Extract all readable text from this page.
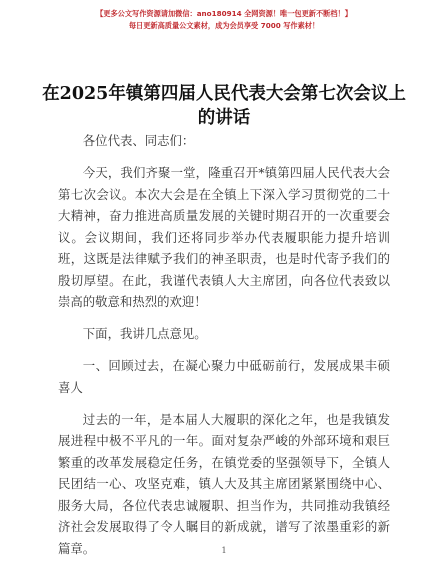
【更多公文写作资源请加微信：ano180914 全网资源！唯一包更新不断档！】
每日更新高质量公文素材，成为会员享受 7000 写作素材！
在2025年镇第四届人民代表大会第七次会议上的讲话

各位代表、同志们：

今天，我们齐聚一堂，隆重召开*镇第四届人民代表大会第七次会议。本次大会是在全镇上下深入学习贯彻党的二十大精神，奋力推进高质量发展的关键时期召开的一次重要会议。会议期间，我们还将同步举办代表履职能力提升培训班，这既是法律赋予我们的神圣职责，也是时代寄予我们的殷切厚望。在此，我谨代表镇人大主席团，向各位代表致以崇高的敬意和热烈的欢迎！

下面，我讲几点意见。

一、回顾过去，在凝心聚力中砥砺前行，发展成果丰硕喜人

过去的一年，是本届人大履职的深化之年，也是我镇发展进程中极不平凡的一年。面对复杂严峻的外部环境和艰巨繁重的改革发展稳定任务，在镇党委的坚强领导下，全镇人民团结一心、攻坚克难，镇人大及其主席团紧紧围绕中心、服务大局，各位代表忠诚履职、担当作为，共同推动我镇经济社会发展取得了令人瞩目的新成就，谱写了浓墨重彩的新篇章。	1
